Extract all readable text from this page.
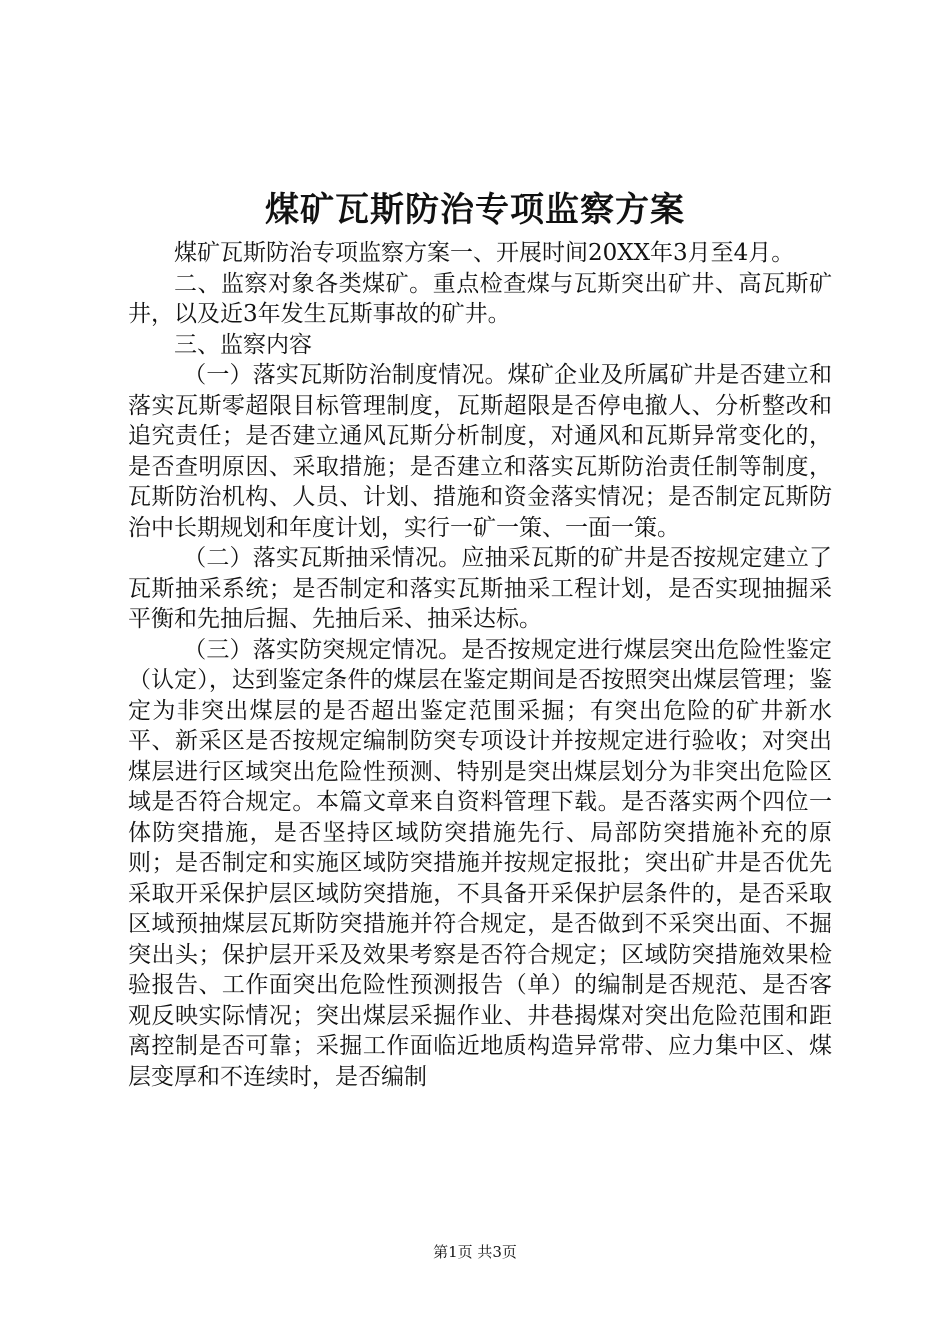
煤矿瓦斯防治专项监察方案

煤矿瓦斯防治专项监察方案一、开展时间20XX年3月至4月。

二、监察对象各类煤矿。重点检查煤与瓦斯突出矿井、高瓦斯矿井，以及近3年发生瓦斯事故的矿井。

三、监察内容

（一）落实瓦斯防治制度情况。煤矿企业及所属矿井是否建立和落实瓦斯零超限目标管理制度，瓦斯超限是否停电撤人、分析整改和追究责任；是否建立通风瓦斯分析制度，对通风和瓦斯异常变化的，是否查明原因、采取措施；是否建立和落实瓦斯防治责任制等制度，瓦斯防治机构、人员、计划、措施和资金落实情况；是否制定瓦斯防治中长期规划和年度计划，实行一矿一策、一面一策。

（二）落实瓦斯抽采情况。应抽采瓦斯的矿井是否按规定建立了瓦斯抽采系统；是否制定和落实瓦斯抽采工程计划，是否实现抽掘采平衡和先抽后掘、先抽后采、抽采达标。

（三）落实防突规定情况。是否按规定进行煤层突出危险性鉴定（认定），达到鉴定条件的煤层在鉴定期间是否按照突出煤层管理；鉴定为非突出煤层的是否超出鉴定范围采掘；有突出危险的矿井新水平、新采区是否按规定编制防突专项设计并按规定进行验收；对突出煤层进行区域突出危险性预测、特别是突出煤层划分为非突出危险区域是否符合规定。本篇文章来自资料管理下载。是否落实两个四位一体防突措施，是否坚持区域防突措施先行、局部防突措施补充的原则；是否制定和实施区域防突措施并按规定报批；突出矿井是否优先采取开采保护层区域防突措施，不具备开采保护层条件的，是否采取区域预抽煤层瓦斯防突措施并符合规定，是否做到不采突出面、不掘突出头；保护层开采及效果考察是否符合规定；区域防突措施效果检验报告、工作面突出危险性预测报告（单）的编制是否规范、是否客观反映实际情况；突出煤层采掘作业、井巷揭煤对突出危险范围和距离控制是否可靠；采掘工作面临近地质构造异常带、应力集中区、煤层变厚和不连续时，是否编制

第1页 共3页
